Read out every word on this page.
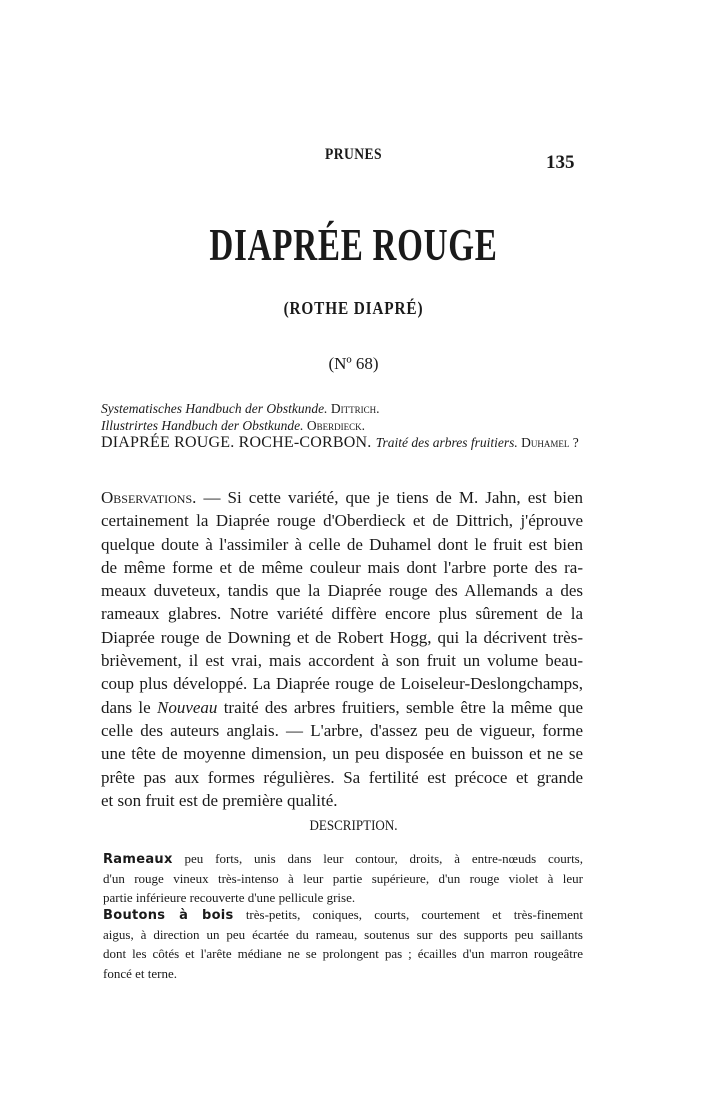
PRUNES	135
DIAPRÉE ROUGE
(ROTHE DIAPRÉ)
(Nº 68)
Systematisches Handbuch der Obstkunde. Dittrich.
Illustrirtes Handbuch der Obstkunde. Oberdieck.
DIAPRÉE ROUGE. ROCHE-CORBON. Traité des arbres fruitiers. Duhamel ?
Observations. — Si cette variété, que je tiens de M. Jahn, est bien
certainement la Diaprée rouge d'Oberdieck et de Dittrich, j'éprouve
quelque doute à l'assimiler à celle de Duhamel dont le fruit est bien
de même forme et de même couleur mais dont l'arbre porte des ra-
meaux duveteux, tandis que la Diaprée rouge des Allemands a des
rameaux glabres. Notre variété diffère encore plus sûrement de la
Diaprée rouge de Downing et de Robert Hogg, qui la décrivent très-
brièvement, il est vrai, mais accordent à son fruit un volume beau-
coup plus développé. La Diaprée rouge de Loiseleur-Deslongchamps,
dans le Nouveau traité des arbres fruitiers, semble être la même que
celle des auteurs anglais. — L'arbre, d'assez peu de vigueur, forme
une tête de moyenne dimension, un peu disposée en buisson et ne se
prête pas aux formes régulières. Sa fertilité est précoce et grande
et son fruit est de première qualité.
DESCRIPTION.
Rameaux peu forts, unis dans leur contour, droits, à entre-nœuds courts,
d'un rouge vineux très-intenso à leur partie supérieure, d'un rouge violet à leur
partie inférieure recouverte d'une pellicule grise.
Boutons à bois très-petits, coniques, courts, courtement et très-finement
aigus, à direction un peu écartée du rameau, soutenus sur des supports peu saillants
dont les côtés et l'arête médiane ne se prolongent pas ; écailles d'un marron rougeâtre
foncé et terne.
